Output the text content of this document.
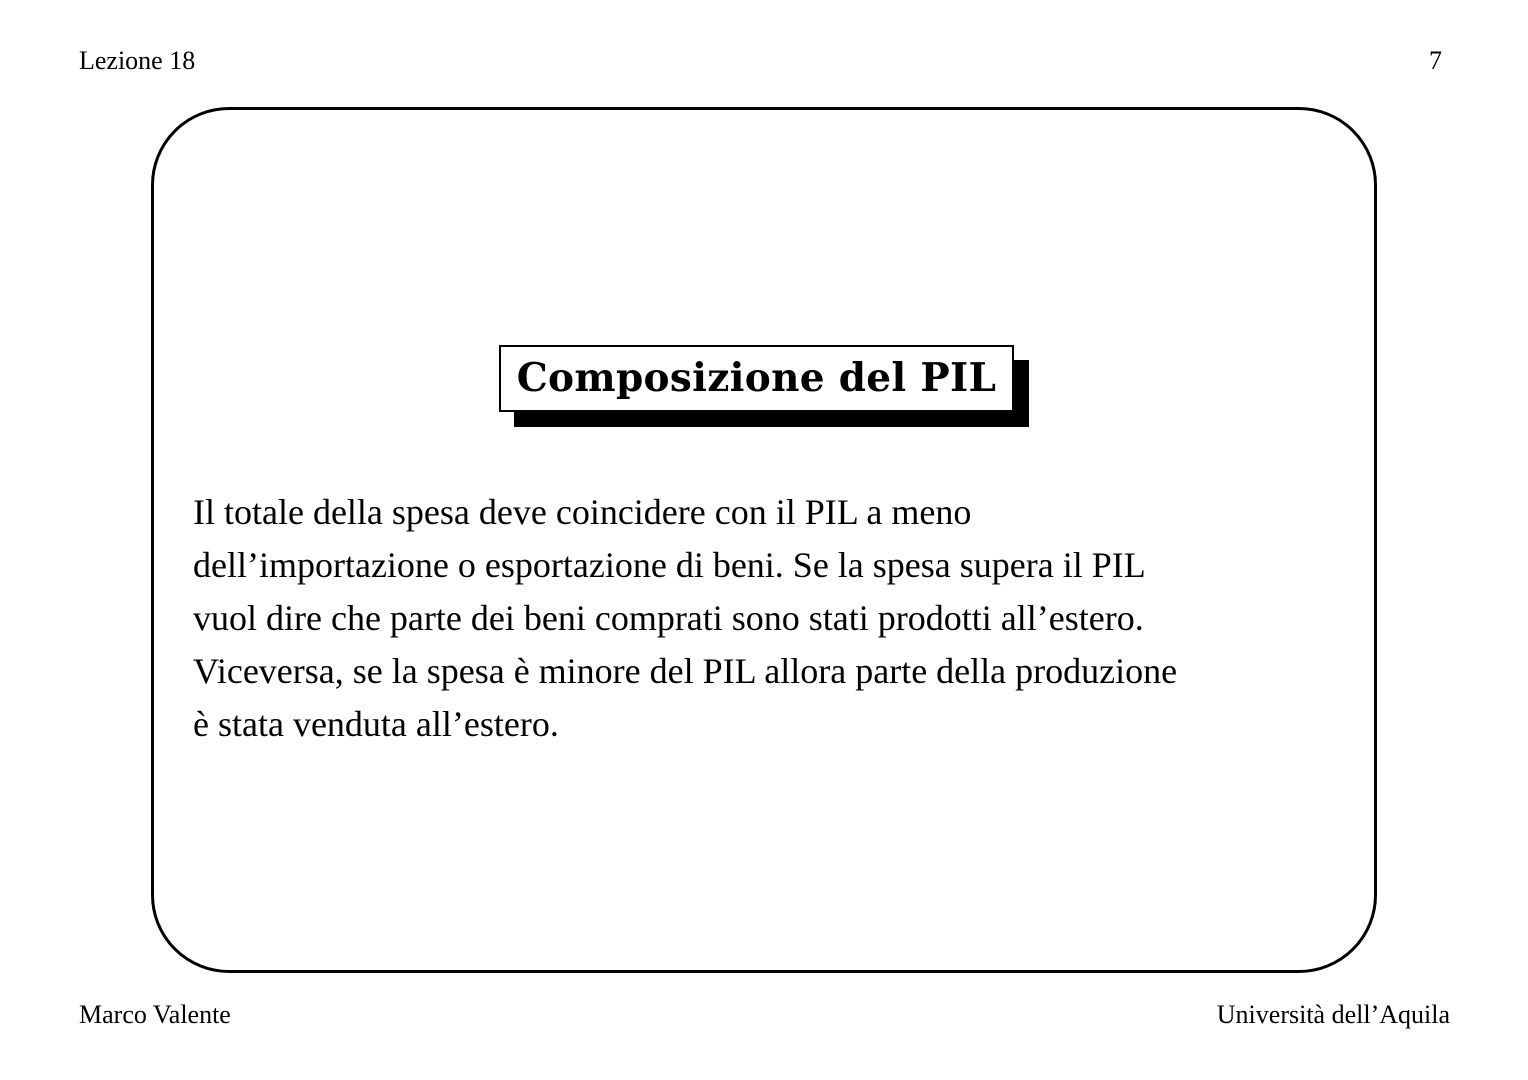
Lezione 18	7
Composizione del PIL
Il totale della spesa deve coincidere con il PIL a meno
dell’importazione o esportazione di beni. Se la spesa supera il PIL
vuol dire che parte dei beni comprati sono stati prodotti all’estero.
Viceversa, se la spesa è minore del PIL allora parte della produzione
è stata venduta all’estero.
Marco Valente	Università dell’Aquila
